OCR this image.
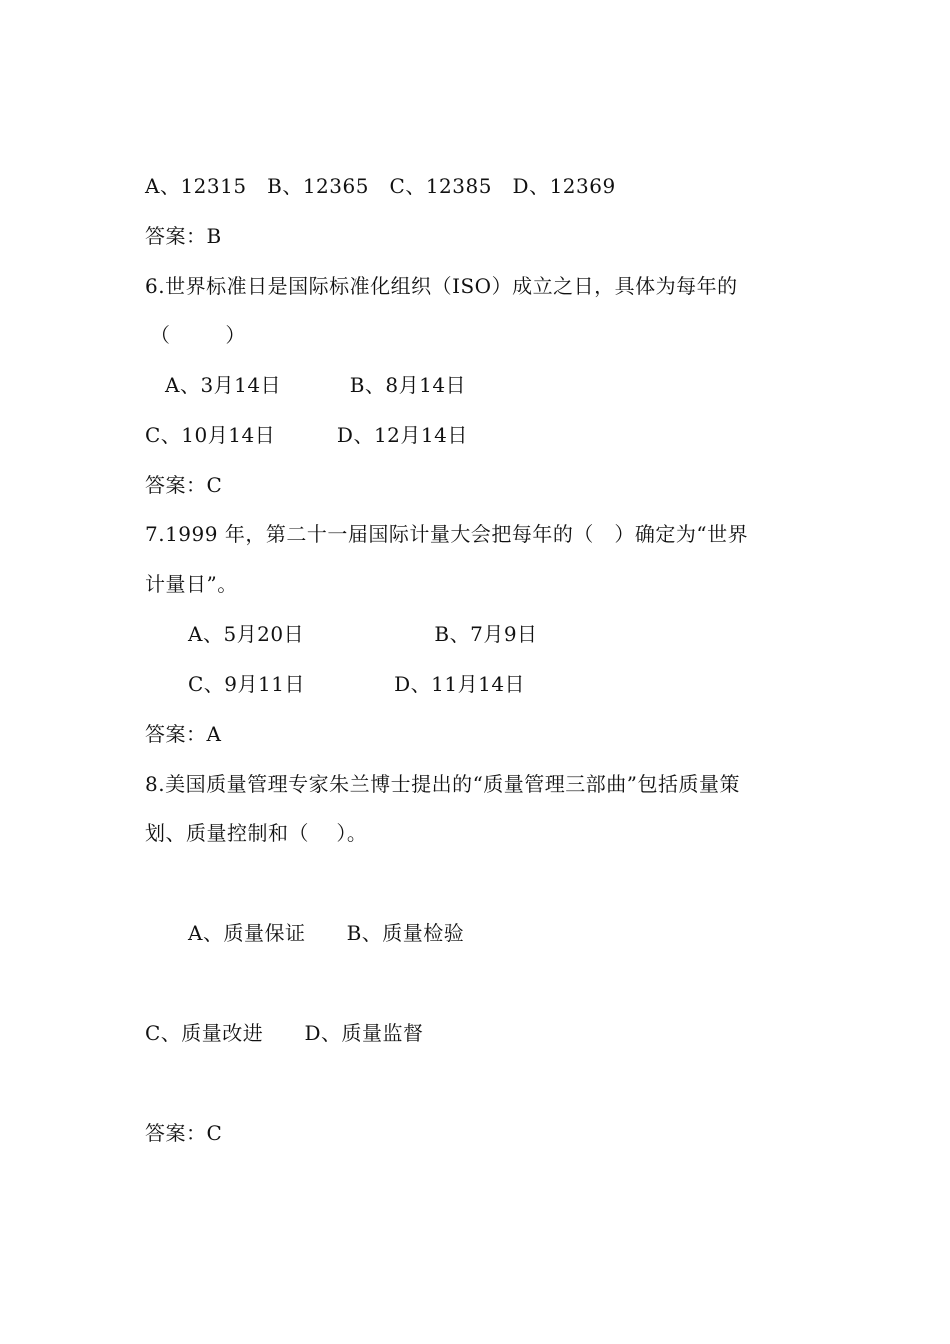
A、12315   B、12365   C、12385   D、12369
答案：B
6.世界标准日是国际标准化组织（ISO）成立之日，具体为每年的
（        ）
A、3月14日          B、8月14日
C、10月14日         D、12月14日
答案：C
7.1999 年，第二十一届国际计量大会把每年的（   ）确定为“世界
计量日”。
A、5月20日                   B、7月9日
C、9月11日             D、11月14日
答案：A
8.美国质量管理专家朱兰博士提出的“质量管理三部曲”包括质量策
划、质量控制和（    ）。
A、质量保证      B、质量检验
C、质量改进      D、质量监督
答案：C
